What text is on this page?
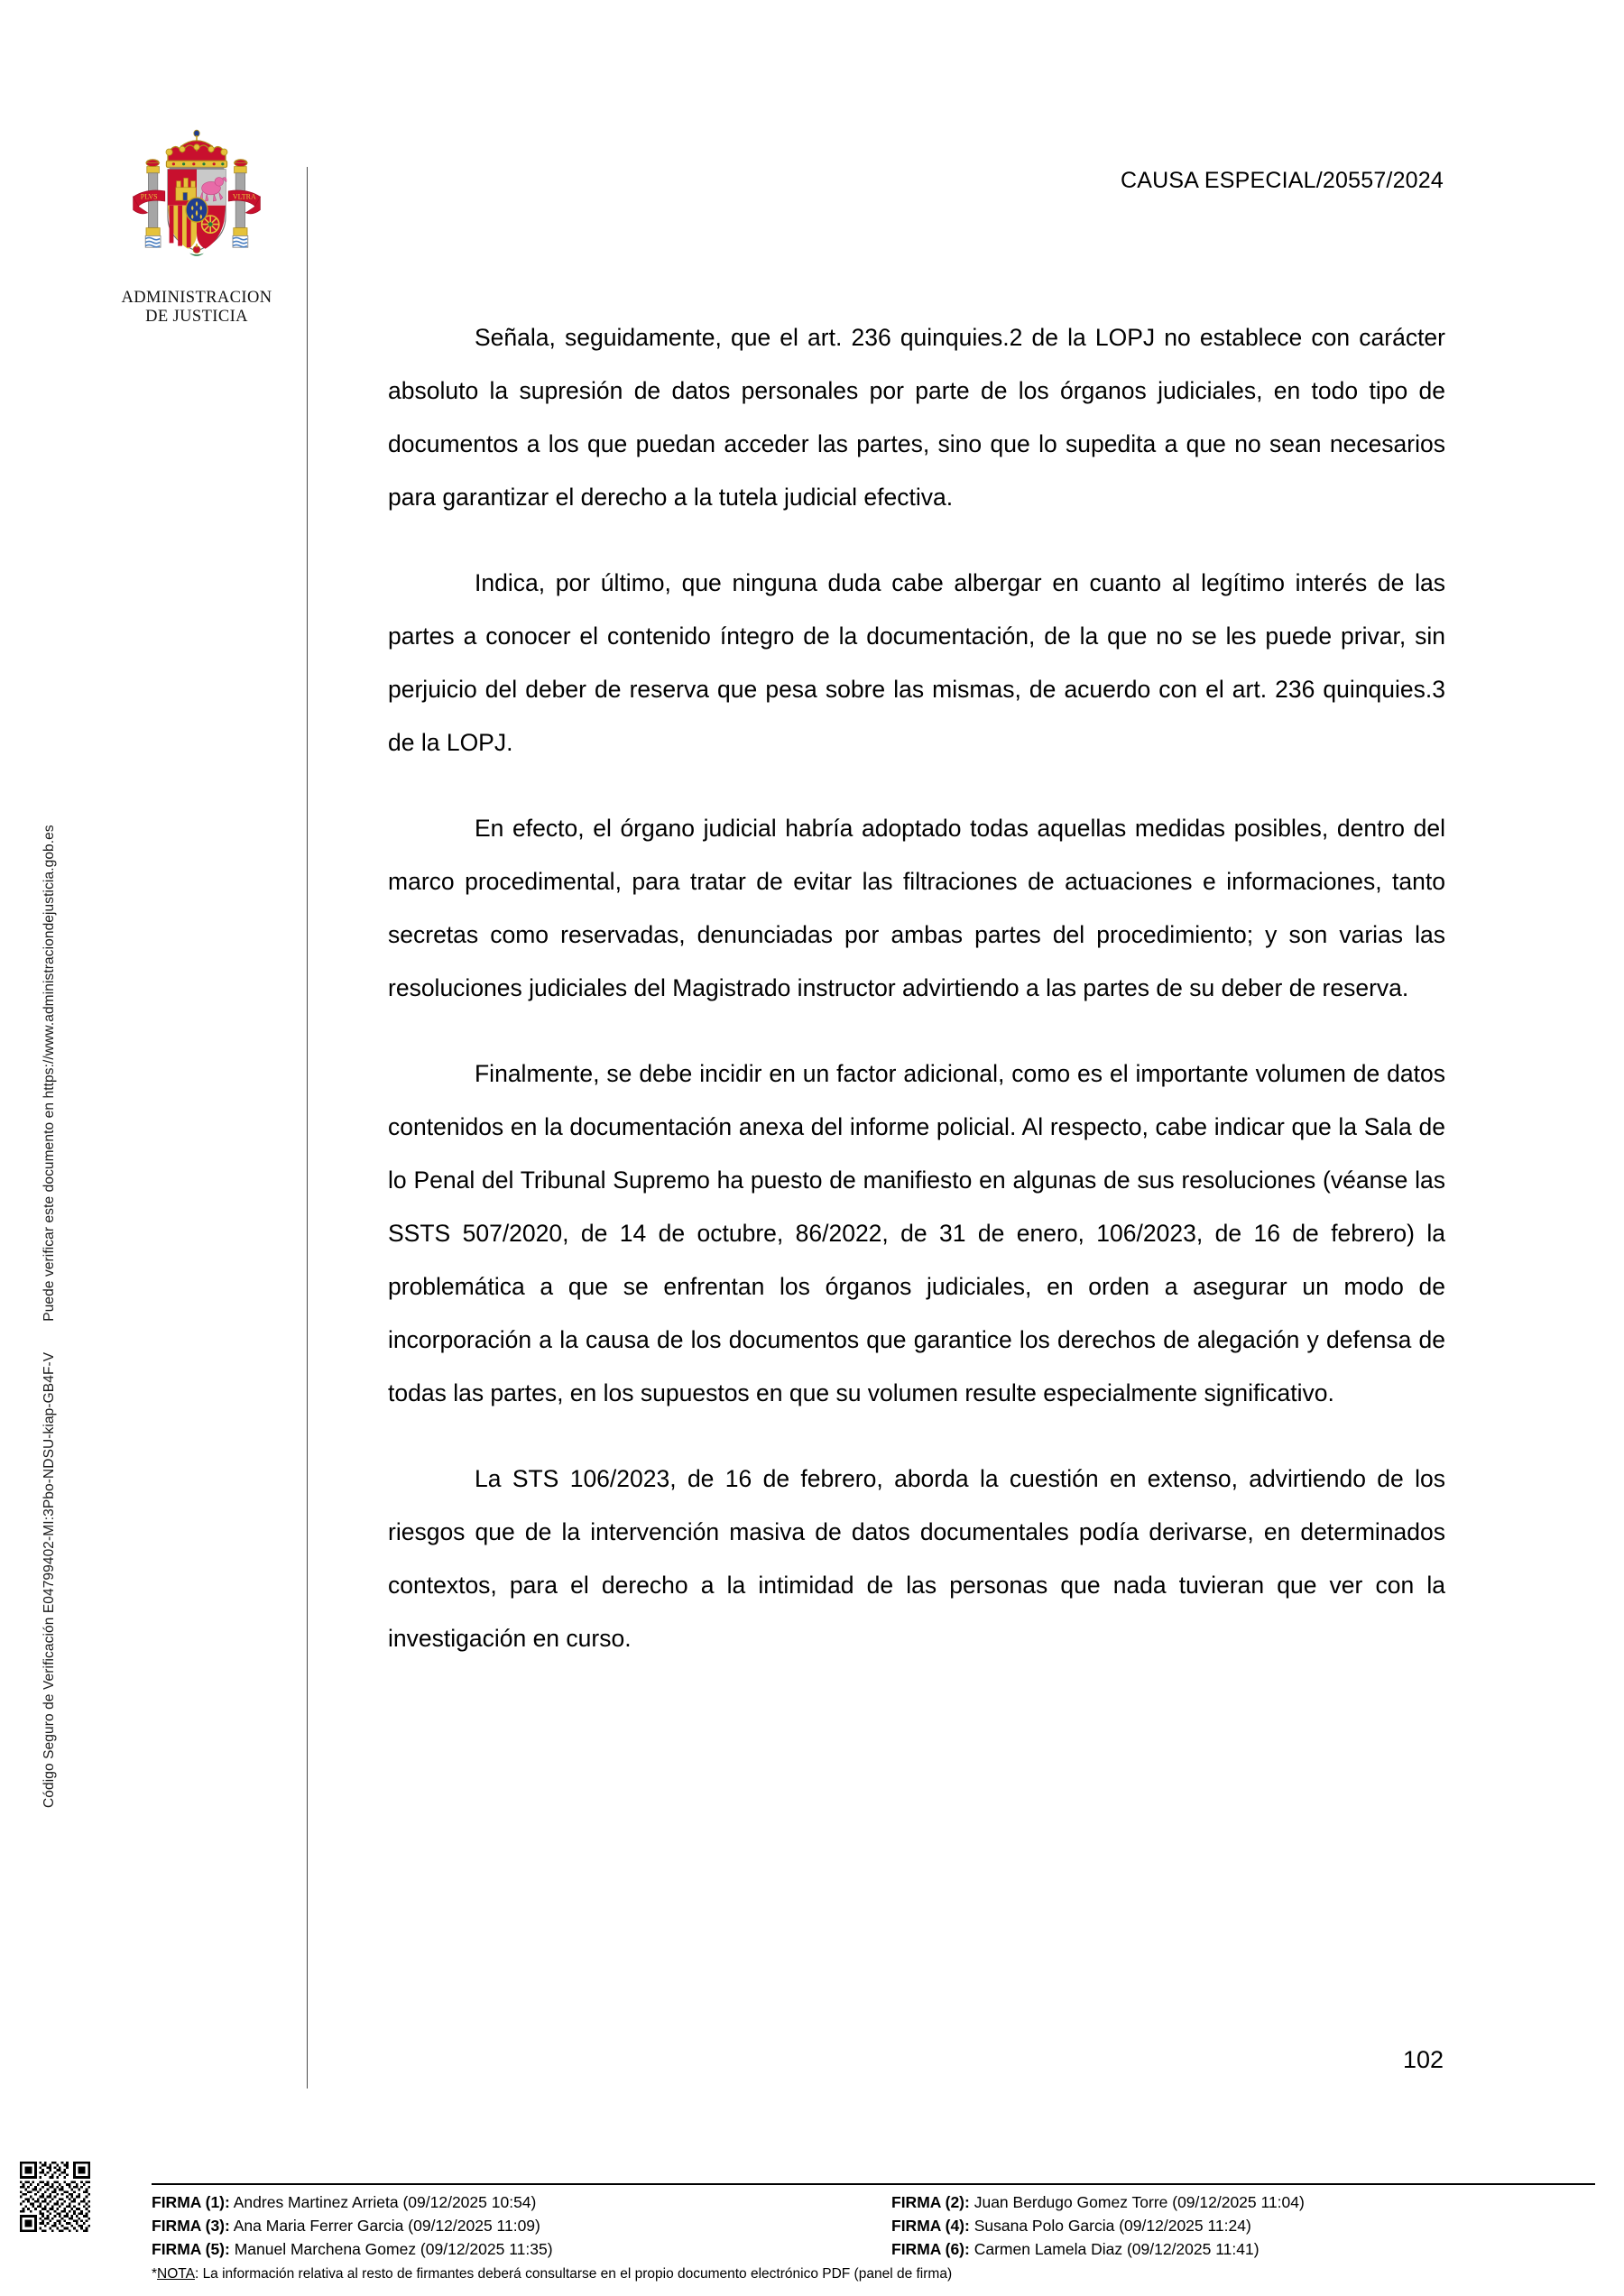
Código Seguro de Verificación E04799402-MI:3Pbo-NDSU-kiap-GB4F-VPuede verificar este documento en https://www.administraciondejusticia.gob.es
PLVS	VLTRA
ADMINISTRACION
DE JUSTICIA
CAUSA ESPECIAL/20557/2024

Señala, seguidamente, que el art. 236 quinquies.2 de la LOPJ no establece con carácter absoluto la supresión de datos personales por parte de los órganos judiciales, en todo tipo de documentos a los que puedan acceder las partes, sino que lo supedita a que no sean necesarios para garantizar el derecho a la tutela judicial efectiva.

Indica, por último, que ninguna duda cabe albergar en cuanto al legítimo interés de las partes a conocer el contenido íntegro de la documentación, de la que no se les puede privar, sin perjuicio del deber de reserva que pesa sobre las mismas, de acuerdo con el art. 236 quinquies.3 de la LOPJ.

En efecto, el órgano judicial habría adoptado todas aquellas medidas posibles, dentro del marco procedimental, para tratar de evitar las filtraciones de actuaciones e informaciones, tanto secretas como reservadas, denunciadas por ambas partes del procedimiento; y son varias las resoluciones judiciales del Magistrado instructor advirtiendo a las partes de su deber de reserva.

Finalmente, se debe incidir en un factor adicional, como es el importante volumen de datos contenidos en la documentación anexa del informe policial. Al respecto, cabe indicar que la Sala de lo Penal del Tribunal Supremo ha puesto de manifiesto en algunas de sus resoluciones (véanse las SSTS 507/2020, de 14 de octubre, 86/2022, de 31 de enero, 106/2023, de 16 de febrero) la problemática a que se enfrentan los órganos judiciales, en orden a asegurar un modo de incorporación a la causa de los documentos que garantice los derechos de alegación y defensa de todas las partes, en los supuestos en que su volumen resulte especialmente significativo.

La STS 106/2023, de 16 de febrero, aborda la cuestión en extenso, advirtiendo de los riesgos que de la intervención masiva de datos documentales podía derivarse, en determinados contextos, para el derecho a la intimidad de las personas que nada tuvieran que ver con la investigación en curso.

102
FIRMA (1): Andres Martinez Arrieta (09/12/2025 10:54)	FIRMA (2): Juan Berdugo Gomez Torre (09/12/2025 11:04)
FIRMA (3): Ana Maria Ferrer Garcia (09/12/2025 11:09)	FIRMA (4): Susana Polo Garcia (09/12/2025 11:24)
FIRMA (5): Manuel Marchena Gomez (09/12/2025 11:35)	FIRMA (6): Carmen Lamela Diaz (09/12/2025 11:41)
*NOTA: La información relativa al resto de firmantes deberá consultarse en el propio documento electrónico PDF (panel de firma)
